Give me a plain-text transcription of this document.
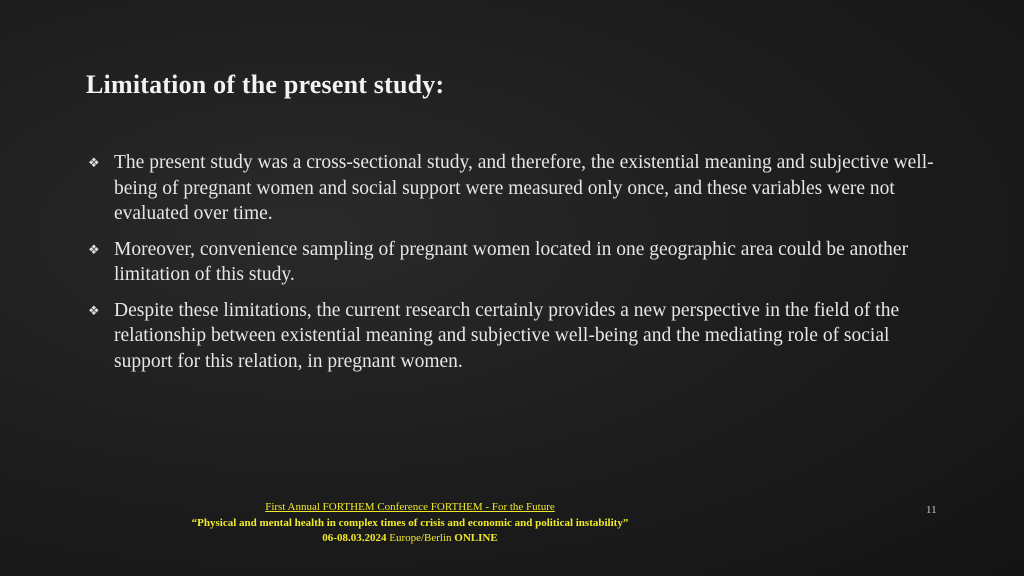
Limitation of the present study:
❖ The present study was a cross-sectional study, and therefore, the existential meaning and subjective well-being of pregnant women and social support were measured only once, and these variables were not evaluated over time.
❖ Moreover, convenience sampling of pregnant women located in one geographic area could be another limitation of this study.
❖ Despite these limitations, the current research certainly provides a new perspective in the field of the relationship between existential meaning and subjective well-being and the mediating role of social support for this relation, in pregnant women.
First Annual FORTHEM Conference FORTHEM - For the Future
“Physical and mental health in complex times of crisis and economic and political instability”
06-08.03.2024 Europe/Berlin ONLINE
11
